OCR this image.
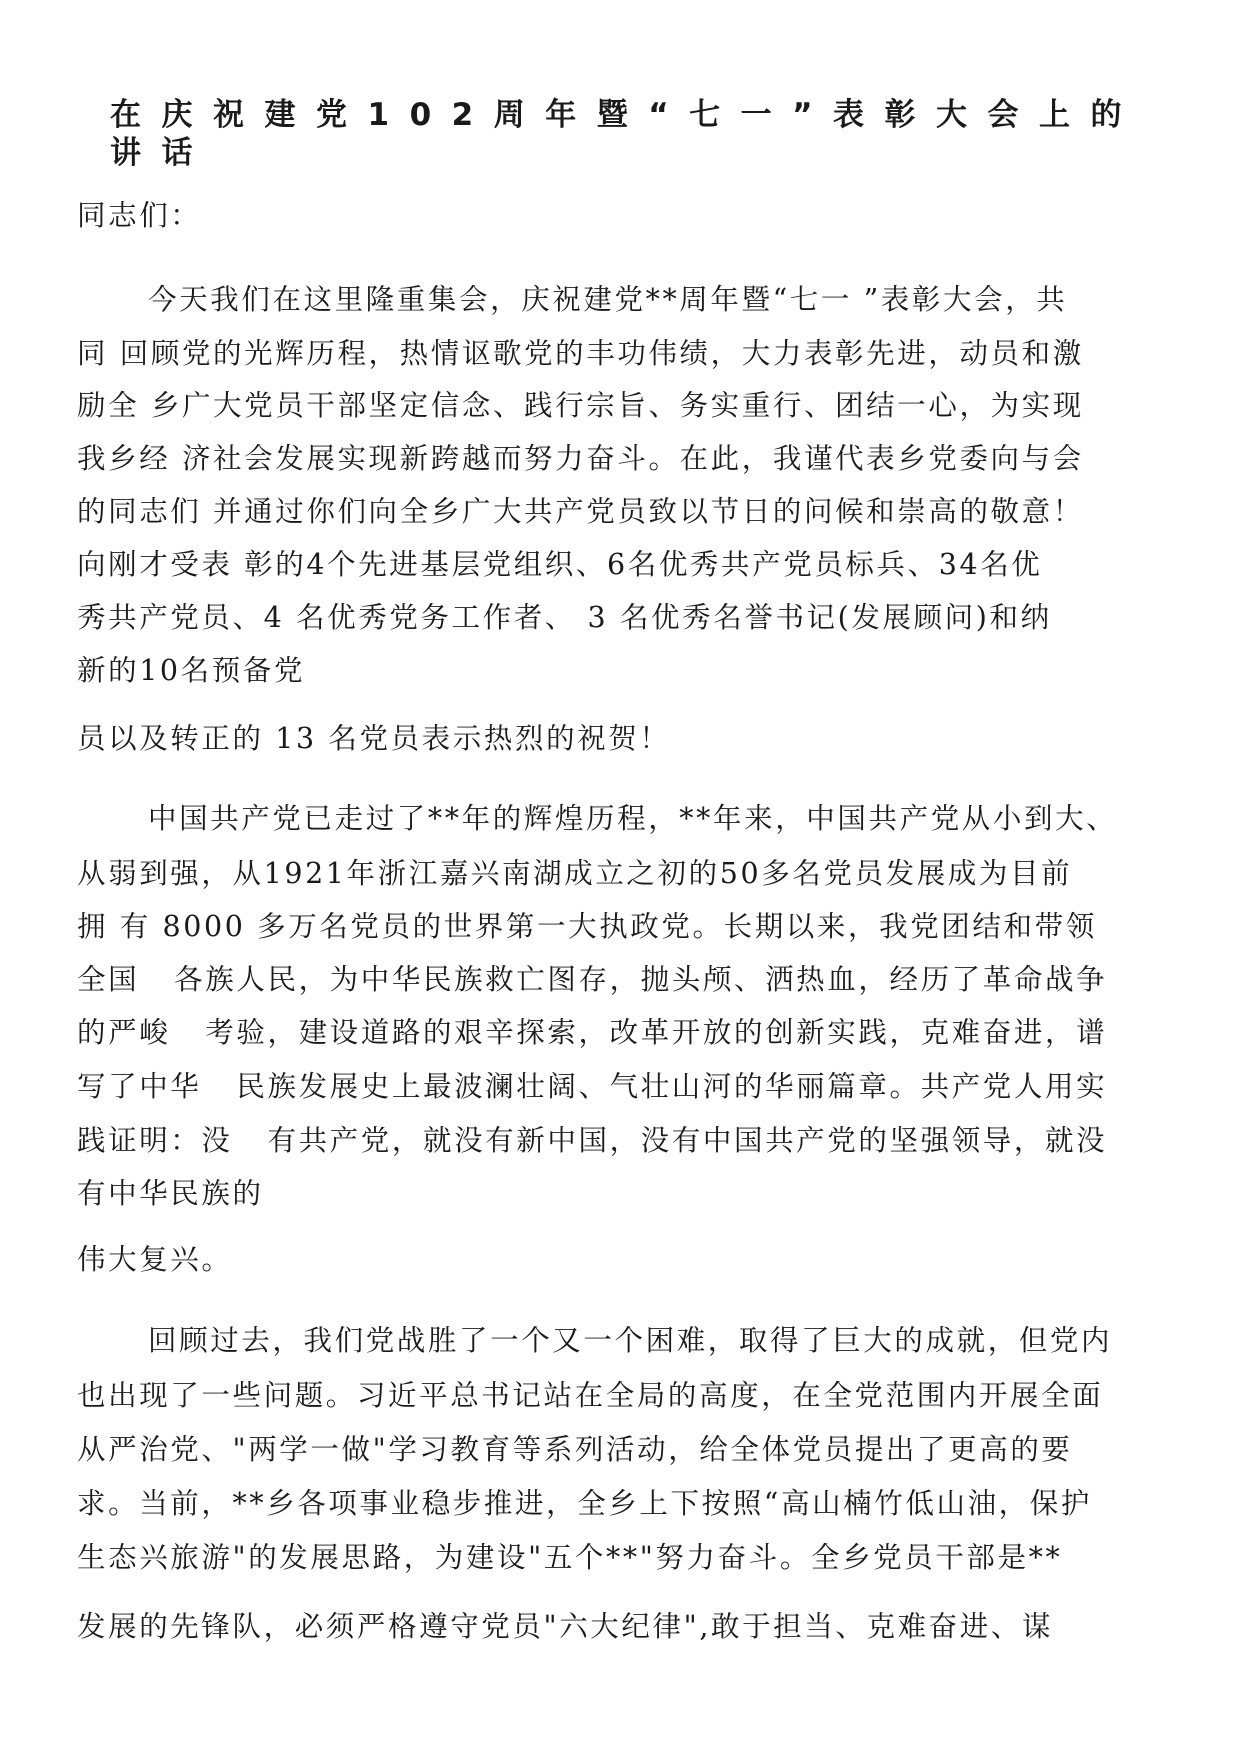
在庆祝建党102周年暨“七一”表彰大会上的讲话
同志们：
今天我们在这里隆重集会，庆祝建党**周年暨“七一 ”表彰大会，共
同 回顾党的光辉历程，热情讴歌党的丰功伟绩，大力表彰先进，动员和激
励全 乡广大党员干部坚定信念、践行宗旨、务实重行、团结一心，为实现
我乡经 济社会发展实现新跨越而努力奋斗。在此，我谨代表乡党委向与会
的同志们 并通过你们向全乡广大共产党员致以节日的问候和崇高的敬意！
向刚才受表 彰的4个先进基层党组织、6名优秀共产党员标兵、34名优
秀共产党员、4 名优秀党务工作者、 3 名优秀名誉书记(发展顾问)和纳
新的10名预备党
员以及转正的 13 名党员表示热烈的祝贺！
中国共产党已走过了**年的辉煌历程，**年来，中国共产党从小到大、
从弱到强，从1921年浙江嘉兴南湖成立之初的50多名党员发展成为目前
拥 有 8000 多万名党员的世界第一大执政党。长期以来，我党团结和带领
全国   各族人民，为中华民族救亡图存，抛头颅、洒热血，经历了革命战争
的严峻   考验，建设道路的艰辛探索，改革开放的创新实践，克难奋进，谱
写了中华   民族发展史上最波澜壮阔、气壮山河的华丽篇章。共产党人用实
践证明：没   有共产党，就没有新中国，没有中国共产党的坚强领导，就没
有中华民族的
伟大复兴。
回顾过去，我们党战胜了一个又一个困难，取得了巨大的成就，但党内
也出现了一些问题。习近平总书记站在全局的高度，在全党范围内开展全面
从严治党、"两学一做"学习教育等系列活动，给全体党员提出了更高的要
求。当前，**乡各项事业稳步推进，全乡上下按照“高山楠竹低山油，保护
生态兴旅游"的发展思路，为建设"五个**"努力奋斗。全乡党员干部是**
发展的先锋队，必须严格遵守党员"六大纪律",敢于担当、克难奋进、谋
